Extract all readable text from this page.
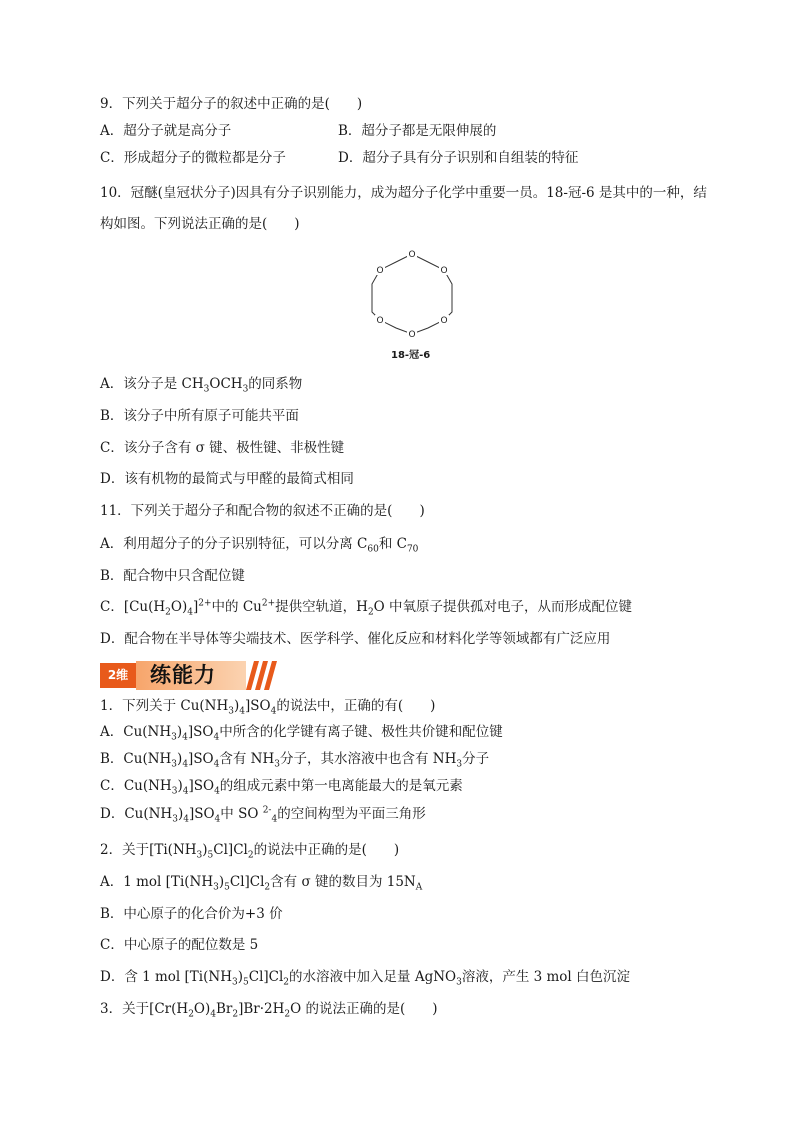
9．下列关于超分子的叙述中正确的是(　　)
A．超分子就是高分子	B．超分子都是无限伸展的
C．形成超分子的微粒都是分子	D．超分子具有分子识别和自组装的特征
10．冠醚(皇冠状分子)因具有分子识别能力，成为超分子化学中重要一员。18-冠-6 是其中的一种，结
构如图。下列说法正确的是(　　)
O
O
O
O
O
O
18-冠-6
A．该分子是 $CH_3OCH_3$的同系物
B．该分子中所有原子可能共平面
C．该分子含有 σ 键、极性键、非极性键
D．该有机物的最简式与甲醛的最简式相同
11．下列关于超分子和配合物的叙述不正确的是(　　)
A．利用超分子的分子识别特征，可以分离 $C_{60}$和 $C_{70}$
B．配合物中只含配位键
C．$[Cu(H_2O)_4]^{2+}$中的 $Cu^{2+}$提供空轨道，$H_2O$ 中氧原子提供孤对电子，从而形成配位键
D．配合物在半导体等尖端技术、医学科学、催化反应和材料化学等领域都有广泛应用
2维	练能力
1．下列关于 $Cu(NH_3)_4]SO_4$的说法中，正确的有(　　)
A．$Cu(NH_3)_4]SO_4$中所含的化学键有离子键、极性共价键和配位键
B．$Cu(NH_3)_4]SO_4$含有 $NH_3$分子，其水溶液中也含有 $NH_3$分子
C．$Cu(NH_3)_4]SO_4$的组成元素中第一电离能最大的是氧元素
D．$Cu(NH_3)_4]SO_4$中 SO $^{2-}_4$的空间构型为平面三角形
2．关于$[Ti(NH_3)_5Cl]Cl_2$的说法中正确的是(　　)
A．1 mol $[Ti(NH_3)_5Cl]Cl_2$含有 σ 键的数目为 $15N_A$
B．中心原子的化合价为+3 价
C．中心原子的配位数是 5
D．含 1 mol $[Ti(NH_3)_5Cl]Cl_2$的水溶液中加入足量 AgNO$_3$溶液，产生 3 mol 白色沉淀
3．关于$[Cr(H_2O)_4Br_2]Br\cdot 2H_2O$ 的说法正确的是(　　)
